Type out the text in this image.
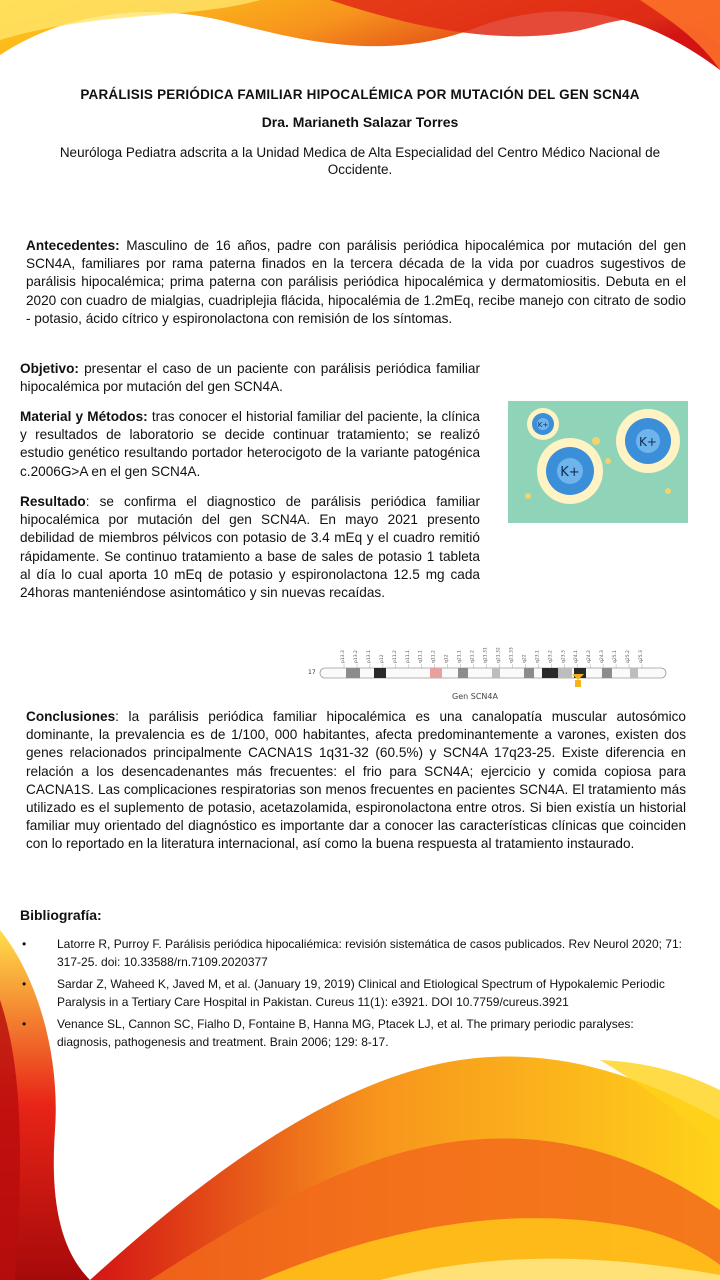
PARÁLISIS PERIÓDICA FAMILIAR HIPOCALÉMICA POR MUTACIÓN DEL GEN SCN4A
Dra. Marianeth Salazar Torres
Neuróloga Pediatra adscrita a la Unidad Medica de Alta Especialidad del Centro Médico Nacional de Occidente.
Antecedentes: Masculino de 16 años, padre con parálisis periódica hipocalémica por mutación del gen SCN4A, familiares por rama paterna finados en la tercera década de la vida por cuadros sugestivos de parálisis hipocalémica; prima paterna con parálisis periódica hipocalémica y dermatomiositis. Debuta en el 2020 con cuadro de mialgias, cuadriplejia flácida, hipocalémia de 1.2mEq, recibe manejo con citrato de sodio - potasio, ácido cítrico y espironolactona con remisión de los síntomas.
Objetivo: presentar el caso de un paciente con parálisis periódica familiar hipocalémica por mutación del gen SCN4A.
Material y Métodos: tras conocer el historial familiar del paciente, la clínica y resultados de laboratorio se decide continuar tratamiento; se realizó estudio genético resultando portador heterocigoto de la variante patogénica c.2006G>A en el gen SCN4A.
Resultado: se confirma el diagnostico de parálisis periódica familiar hipocalémica por mutación del gen SCN4A. En mayo 2021 presento debilidad de miembros pélvicos con potasio de 3.4 mEq y el cuadro remitió rápidamente. Se continuo tratamiento a base de sales de potasio 1 tableta al día lo cual aporta 10 mEq de potasio y espironolactona 12.5 mg cada 24horas manteniéndose asintomático y sin nuevas recaídas.
K+
K+
K+
p13.3 p13.2 p13.1 p12 p11.2 p11.1 q11.1 q11.2 q12 q21.1 q21.2 q21.31 q21.32 q21.33 q22 q23.1 q23.2 q23.3 q24.1 q24.2 q24.3 q25.1 q25.2 q25.3
17
Gen SCN4A
Conclusiones: la parálisis periódica familiar hipocalémica es una canalopatía muscular autosómico dominante, la prevalencia es de 1/100, 000 habitantes, afecta predominantemente a varones, existen dos genes relacionados principalmente CACNA1S 1q31-32 (60.5%) y SCN4A 17q23-25. Existe diferencia en relación a los desencadenantes más frecuentes: el frio para SCN4A; ejercicio y comida copiosa para CACNA1S. Las complicaciones respiratorias son menos frecuentes en pacientes SCN4A. El tratamiento más utilizado es el suplemento de potasio, acetazolamida, espironolactona entre otros. Si bien existía un historial familiar muy orientado del diagnóstico es importante dar a conocer las características clínicas que coinciden con lo reportado en la literatura internacional, así como la buena respuesta al tratamiento instaurado.
Bibliografía:
•	Latorre R, Purroy F. Parálisis periódica hipocaliémica: revisión sistemática de casos publicados. Rev Neurol 2020; 71: 317-25. doi: 10.33588/rn.7109.2020377
•	Sardar Z, Waheed K, Javed M, et al. (January 19, 2019) Clinical and Etiological Spectrum of Hypokalemic Periodic Paralysis in a Tertiary Care Hospital in Pakistan. Cureus 11(1): e3921. DOI 10.7759/cureus.3921
•	Venance SL, Cannon SC, Fialho D, Fontaine B, Hanna MG, Ptacek LJ, et al. The primary periodic paralyses: diagnosis, pathogenesis and treatment. Brain 2006; 129: 8-17.
